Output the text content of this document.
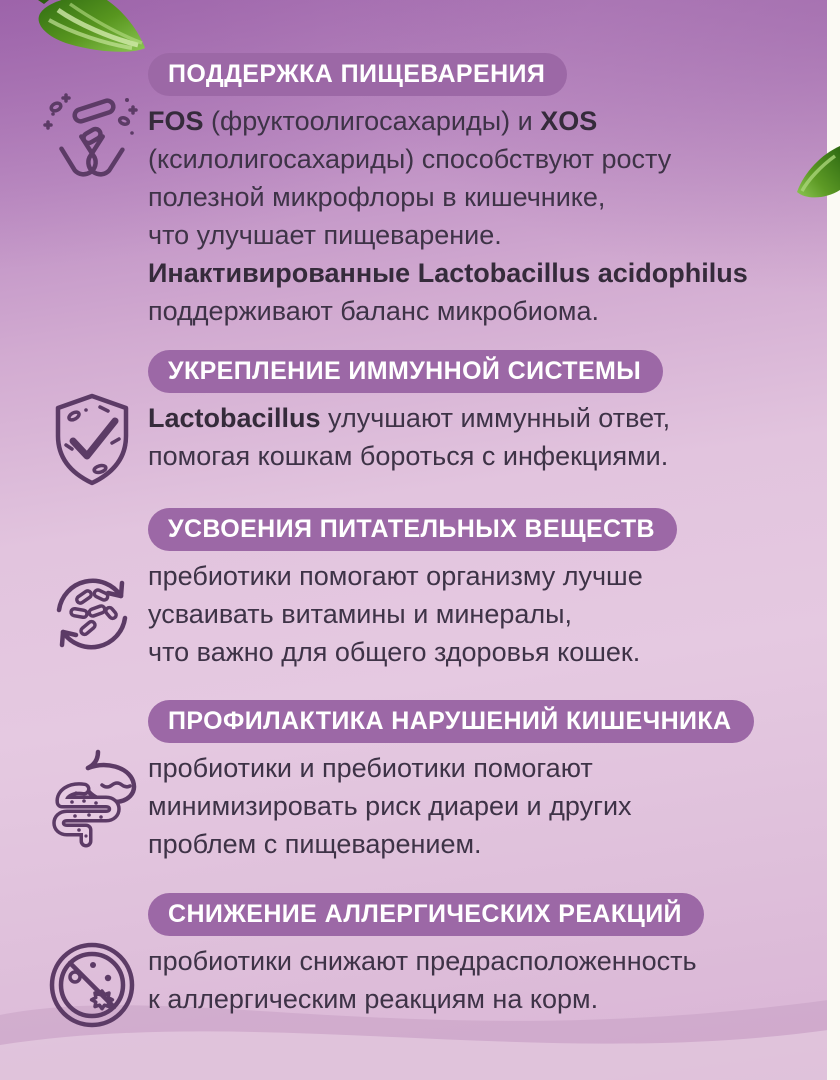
ПОДДЕРЖКА ПИЩЕВАРЕНИЯ
FOS (фруктоолигосахариды) и XOS
(ксилолигосахариды) способствуют росту
полезной микрофлоры в кишечнике,
что улучшает пищеварение.
Инактивированные Lactobacillus acidophilus
поддерживают баланс микробиома.
УКРЕПЛЕНИЕ ИММУННОЙ СИСТЕМЫ
Lactobacillus улучшают иммунный ответ,
помогая кошкам бороться с инфекциями.
УСВОЕНИЯ ПИТАТЕЛЬНЫХ ВЕЩЕСТВ
пребиотики помогают организму лучше
усваивать витамины и минералы,
что важно для общего здоровья кошек.
ПРОФИЛАКТИКА НАРУШЕНИЙ КИШЕЧНИКА
пробиотики и пребиотики помогают
минимизировать риск диареи и других
проблем с пищеварением.
СНИЖЕНИЕ АЛЛЕРГИЧЕСКИХ РЕАКЦИЙ
пробиотики снижают предрасположенность
к аллергическим реакциям на корм.
